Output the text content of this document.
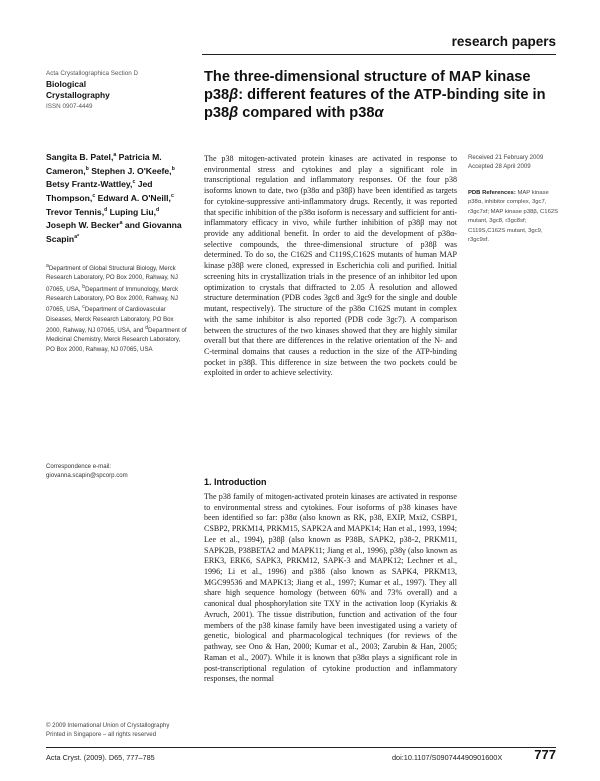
research papers
Acta Crystallographica Section D
Biological
Crystallography
ISSN 0907-4449
The three-dimensional structure of MAP kinase p38β: different features of the ATP-binding site in p38β compared with p38α
Sangita B. Patel,$^a$ Patricia M. Cameron,$^b$ Stephen J. O'Keefe,$^b$ Betsy Frantz-Wattley,$^c$ Jed Thompson,$^c$ Edward A. O'Neill,$^c$ Trevor Tennis,$^d$ Luping Liu,$^d$ Joseph W. Becker$^a$ and Giovanna Scapin$^{a*}$

$^a$Department of Global Structural Biology, Merck Research Laboratory, PO Box 2000, Rahway, NJ 07065, USA, $^b$Department of Immunology, Merck Research Laboratory, PO Box 2000, Rahway, NJ 07065, USA, $^c$Department of Cardiovascular Diseases, Merck Research Laboratory, PO Box 2000, Rahway, NJ 07065, USA, and $^d$Department of Medicinal Chemistry, Merck Research Laboratory, PO Box 2000, Rahway, NJ 07065, USA

Correspondence e-mail:
giovanna.scapin@spcorp.com
The p38 mitogen-activated protein kinases are activated in response to environmental stress and cytokines and play a significant role in transcriptional regulation and inflammatory responses. Of the four p38 isoforms known to date, two (p38α and p38β) have been identified as targets for cytokine-suppressive anti-inflammatory drugs. Recently, it was reported that specific inhibition of the p38α isoform is necessary and sufficient for anti-inflammatory efficacy in vivo, while further inhibition of p38β may not provide any additional benefit. In order to aid the development of p38α-selective compounds, the three-dimensional structure of p38β was determined. To do so, the C162S and C119S,C162S mutants of human MAP kinase p38β were cloned, expressed in Escherichia coli and purified. Initial screening hits in crystallization trials in the presence of an inhibitor led upon optimization to crystals that diffracted to 2.05 Å resolution and allowed structure determination (PDB codes 3gc8 and 3gc9 for the single and double mutant, respectively). The structure of the p38α C162S mutant in complex with the same inhibitor is also reported (PDB code 3gc7). A comparison between the structures of the two kinases showed that they are highly similar overall but that there are differences in the relative orientation of the N- and C-terminal domains that causes a reduction in the size of the ATP-binding pocket in p38β. This difference in size between the two pockets could be exploited in order to achieve selectivity.
Received 21 February 2009
Accepted 28 April 2009
PDB References: MAP kinase p38α, inhibitor complex, 3gc7, r3gc7sf; MAP kinase p38β, C162S mutant, 3gc8, r3gc8sf; C119S,C162S mutant, 3gc9, r3gc9sf.
1. Introduction

The p38 family of mitogen-activated protein kinases are activated in response to environmental stress and cytokines. Four isoforms of p38 kinases have been identified so far: p38α (also known as RK, p38, EXIP, Mxi2, CSBP1, CSBP2, PRKM14, PRKM15, SAPK2A and MAPK14; Han et al., 1993, 1994; Lee et al., 1994), p38β (also known as P38B, SAPK2, p38-2, PRKM11, SAPK2B, P38BETA2 and MAPK11; Jiang et al., 1996), p38γ (also known as ERK3, ERK6, SAPK3, PRKM12, SAPK-3 and MAPK12; Lechner et al., 1996; Li et al., 1996) and p38δ (also known as SAPK4, PRKM13, MGC99536 and MAPK13; Jiang et al., 1997; Kumar et al., 1997). They all share high sequence homology (between 60% and 73% overall) and a canonical dual phosphorylation site TXY in the activation loop (Kyriakis & Avruch, 2001). The tissue distribution, function and activation of the four members of the p38 kinase family have been investigated using a variety of genetic, biological and pharmacological techniques (for reviews of the pathway, see Ono & Han, 2000; Kumar et al., 2003; Zarubin & Han, 2005; Raman et al., 2007). While it is known that p38α plays a significant role in post-transcriptional regulation of cytokine production and inflammatory responses, the normal

© 2009 International Union of Crystallography
Printed in Singapore – all rights reserved
Acta Cryst. (2009). D65, 777–785	doi:10.1107/S090744490901600X 777
